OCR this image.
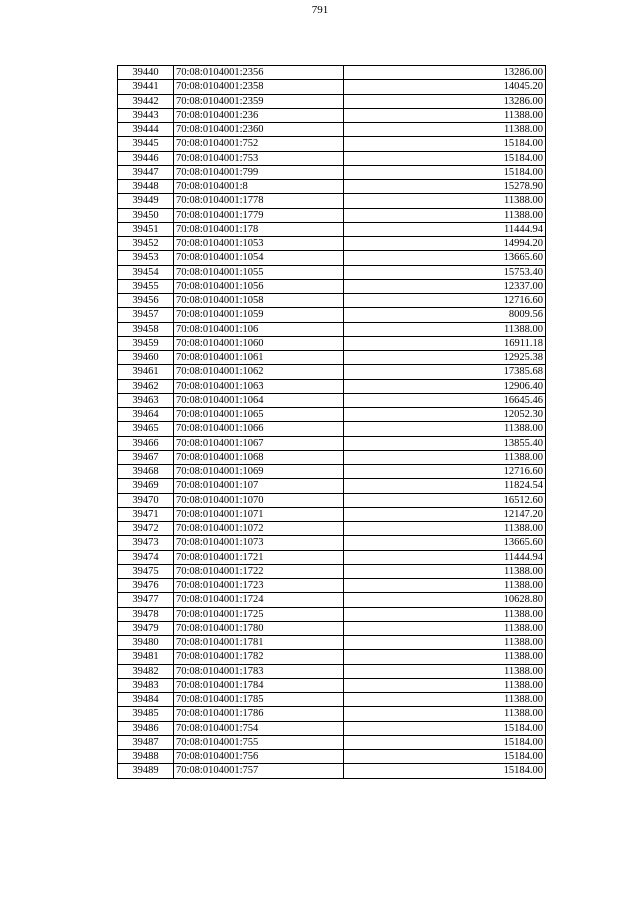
791
39440	70:08:0104001:2356	13286.00
39441	70:08:0104001:2358	14045.20
39442	70:08:0104001:2359	13286.00
39443	70:08:0104001:236	11388.00
39444	70:08:0104001:2360	11388.00
39445	70:08:0104001:752	15184.00
39446	70:08:0104001:753	15184.00
39447	70:08:0104001:799	15184.00
39448	70:08:0104001:8	15278.90
39449	70:08:0104001:1778	11388.00
39450	70:08:0104001:1779	11388.00
39451	70:08:0104001:178	11444.94
39452	70:08:0104001:1053	14994.20
39453	70:08:0104001:1054	13665.60
39454	70:08:0104001:1055	15753.40
39455	70:08:0104001:1056	12337.00
39456	70:08:0104001:1058	12716.60
39457	70:08:0104001:1059	8009.56
39458	70:08:0104001:106	11388.00
39459	70:08:0104001:1060	16911.18
39460	70:08:0104001:1061	12925.38
39461	70:08:0104001:1062	17385.68
39462	70:08:0104001:1063	12906.40
39463	70:08:0104001:1064	16645.46
39464	70:08:0104001:1065	12052.30
39465	70:08:0104001:1066	11388.00
39466	70:08:0104001:1067	13855.40
39467	70:08:0104001:1068	11388.00
39468	70:08:0104001:1069	12716.60
39469	70:08:0104001:107	11824.54
39470	70:08:0104001:1070	16512.60
39471	70:08:0104001:1071	12147.20
39472	70:08:0104001:1072	11388.00
39473	70:08:0104001:1073	13665.60
39474	70:08:0104001:1721	11444.94
39475	70:08:0104001:1722	11388.00
39476	70:08:0104001:1723	11388.00
39477	70:08:0104001:1724	10628.80
39478	70:08:0104001:1725	11388.00
39479	70:08:0104001:1780	11388.00
39480	70:08:0104001:1781	11388.00
39481	70:08:0104001:1782	11388.00
39482	70:08:0104001:1783	11388.00
39483	70:08:0104001:1784	11388.00
39484	70:08:0104001:1785	11388.00
39485	70:08:0104001:1786	11388.00
39486	70:08:0104001:754	15184.00
39487	70:08:0104001:755	15184.00
39488	70:08:0104001:756	15184.00
39489	70:08:0104001:757	15184.00
